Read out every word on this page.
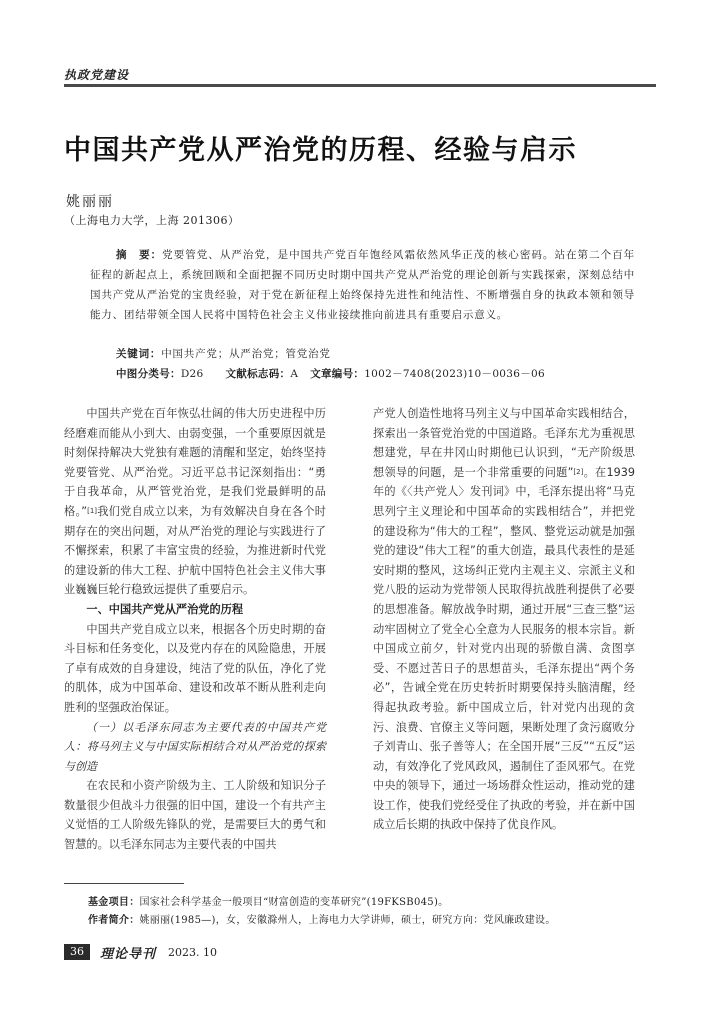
执政党建设
中国共产党从严治党的历程、经验与启示
姚丽丽
（上海电力大学，上海 201306）
摘　要：党要管党、从严治党，是中国共产党百年饱经风霜依然风华正茂的核心密码。站在第二个百年征程的新起点上，系统回顾和全面把握不同历史时期中国共产党从严治党的理论创新与实践探索，深刻总结中国共产党从严治党的宝贵经验，对于党在新征程上始终保持先进性和纯洁性、不断增强自身的执政本领和领导能力、团结带领全国人民将中国特色社会主义伟业接续推向前进具有重要启示意义。
关键词：中国共产党；从严治党；管党治党
中图分类号：D26 文献标志码：A 文章编号：1002－7408(2023)10－0036－06

中国共产党在百年恢弘壮阔的伟大历史进程中历经磨难而能从小到大、由弱变强，一个重要原因就是时刻保持解决大党独有难题的清醒和坚定，始终坚持党要管党、从严治党。习近平总书记深刻指出：“勇于自我革命，从严管党治党，是我们党最鲜明的品格。”[1]我们党自成立以来，为有效解决自身在各个时期存在的突出问题，对从严治党的理论与实践进行了不懈探索，积累了丰富宝贵的经验，为推进新时代党的建设新的伟大工程、护航中国特色社会主义伟大事业巍巍巨轮行稳致远提供了重要启示。

一、中国共产党从严治党的历程

中国共产党自成立以来，根据各个历史时期的奋斗目标和任务变化，以及党内存在的风险隐患，开展了卓有成效的自身建设，纯洁了党的队伍，净化了党的肌体，成为中国革命、建设和改革不断从胜利走向胜利的坚强政治保证。

（一）以毛泽东同志为主要代表的中国共产党人：将马列主义与中国实际相结合对从严治党的探索与创造

在农民和小资产阶级为主、工人阶级和知识分子数量很少但战斗力很强的旧中国，建设一个有共产主义觉悟的工人阶级先锋队的党，是需要巨大的勇气和智慧的。以毛泽东同志为主要代表的中国共

产党人创造性地将马列主义与中国革命实践相结合，探索出一条管党治党的中国道路。毛泽东尤为重视思想建党，早在井冈山时期他已认识到，“无产阶级思想领导的问题，是一个非常重要的问题”[2]。在1939年的《〈共产党人〉发刊词》中，毛泽东提出将“马克思列宁主义理论和中国革命的实践相结合”，并把党的建设称为“伟大的工程”，整风、整党运动就是加强党的建设“伟大工程”的重大创造，最具代表性的是延安时期的整风，这场纠正党内主观主义、宗派主义和党八股的运动为党带领人民取得抗战胜利提供了必要的思想准备。解放战争时期，通过开展“三查三整”运动牢固树立了党全心全意为人民服务的根本宗旨。新中国成立前夕，针对党内出现的骄傲自满、贪图享受、不愿过苦日子的思想苗头，毛泽东提出“两个务必”，告诫全党在历史转折时期要保持头脑清醒，经得起执政考验。新中国成立后，针对党内出现的贪污、浪费、官僚主义等问题，果断处理了贪污腐败分子刘青山、张子善等人；在全国开展“三反”“五反”运动，有效净化了党风政风，遏制住了歪风邪气。在党中央的领导下，通过一场场群众性运动，推动党的建设工作，使我们党经受住了执政的考验，并在新中国成立后长期的执政中保持了优良作风。

基金项目：国家社会科学基金一般项目“财富创造的变革研究”(19FKSB045)。
作者简介：姚丽丽(1985—)，女，安徽滁州人，上海电力大学讲师，硕士，研究方向：党风廉政建设。
36	理论导刊 2023. 10
